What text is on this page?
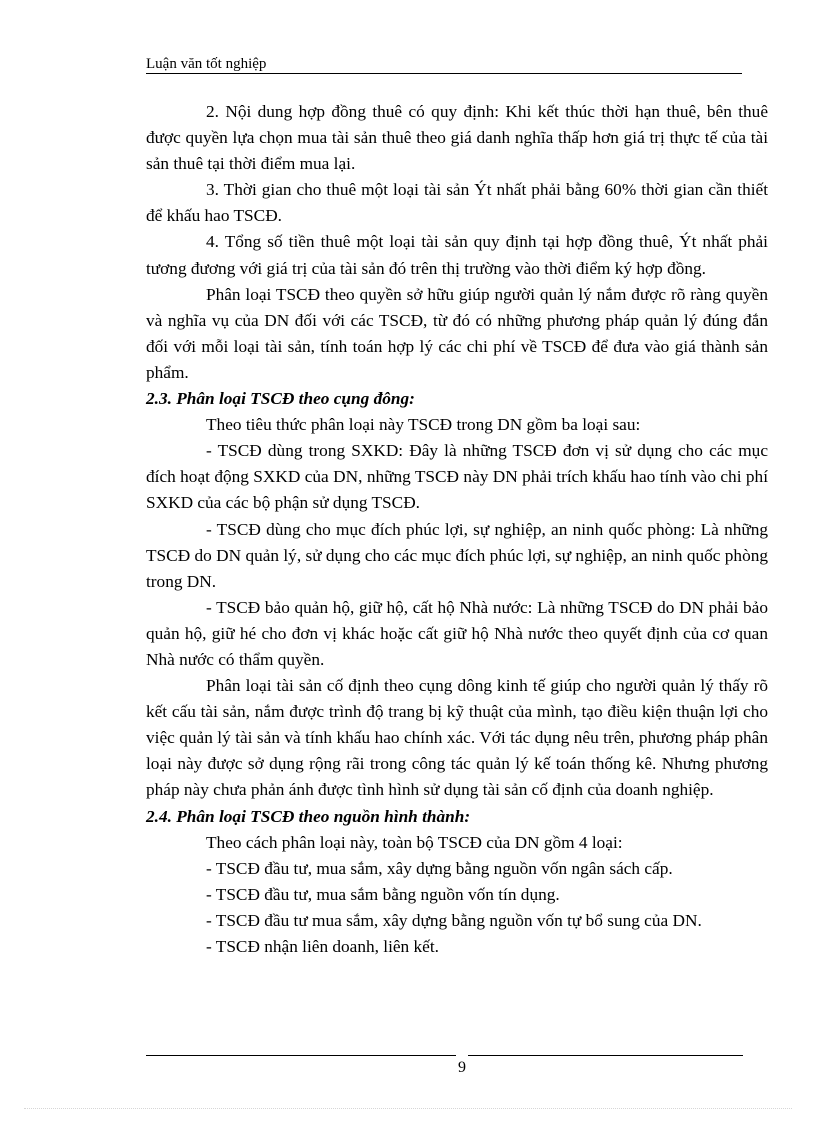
Luận văn tốt nghiệp

2. Nội dung hợp đồng thuê có quy định: Khi kết thúc thời hạn thuê, bên thuê được quyền lựa chọn mua tài sản thuê theo giá danh nghĩa thấp hơn giá trị thực tế của tài sản thuê tại thời điểm mua lại.

3. Thời gian cho thuê một loại tài sản Ýt nhất phải bằng 60% thời gian cần thiết để khấu hao TSCĐ.

4. Tổng số tiền thuê một loại tài sản quy định tại hợp đồng thuê, Ýt nhất phải tương đương với giá trị của tài sản đó trên thị trường vào thời điểm ký hợp đồng.

Phân loại TSCĐ theo quyền sở hữu giúp người quản lý nắm được rõ ràng quyền và nghĩa vụ của DN đối với các TSCĐ, từ đó có những phương pháp quản lý đúng đắn đối với mỗi loại tài sản, tính toán hợp lý các chi phí về TSCĐ để đưa vào giá thành sản phẩm.

2.3. Phân loại TSCĐ theo cụng đông:

Theo tiêu thức phân loại này TSCĐ trong DN gồm ba loại sau:

- TSCĐ dùng trong SXKD: Đây là những TSCĐ đơn vị sử dụng cho các mục đích hoạt động SXKD của DN, những TSCĐ này DN phải trích khấu hao tính vào chi phí SXKD của các bộ phận sử dụng TSCĐ.

- TSCĐ dùng cho mục đích phúc lợi, sự nghiệp, an ninh quốc phòng: Là những TSCĐ do DN quản lý, sử dụng cho các mục đích phúc lợi, sự nghiệp, an ninh quốc phòng trong DN.

- TSCĐ bảo quản hộ, giữ hộ, cất hộ Nhà nước: Là những TSCĐ do DN phải bảo quản hộ, giữ hé cho đơn vị khác hoặc cất giữ hộ Nhà nước theo quyết định của cơ quan Nhà nước có thẩm quyền.

Phân loại tài sản cố định theo cụng dông kinh tế giúp cho người quản lý thấy rõ kết cấu tài sản, nắm được trình độ trang bị kỹ thuật của mình, tạo điều kiện thuận lợi cho việc quản lý tài sản và tính khấu hao chính xác. Với tác dụng nêu trên, phương pháp phân loại này được sở dụng rộng rãi trong công tác quản lý kế toán thống kê. Nhưng phương pháp này chưa phản ánh được tình hình sử dụng tài sản cố định của doanh nghiệp.

2.4. Phân loại TSCĐ theo nguồn hình thành:

Theo cách phân loại này, toàn bộ TSCĐ của DN gồm 4 loại:

- TSCĐ đầu tư, mua sắm, xây dựng bằng nguồn vốn ngân sách cấp.

- TSCĐ đầu tư, mua sắm bằng nguồn vốn tín dụng.

- TSCĐ đầu tư mua sắm, xây dựng bằng nguồn vốn tự bổ sung của DN.

- TSCĐ nhận liên doanh, liên kết.

9
